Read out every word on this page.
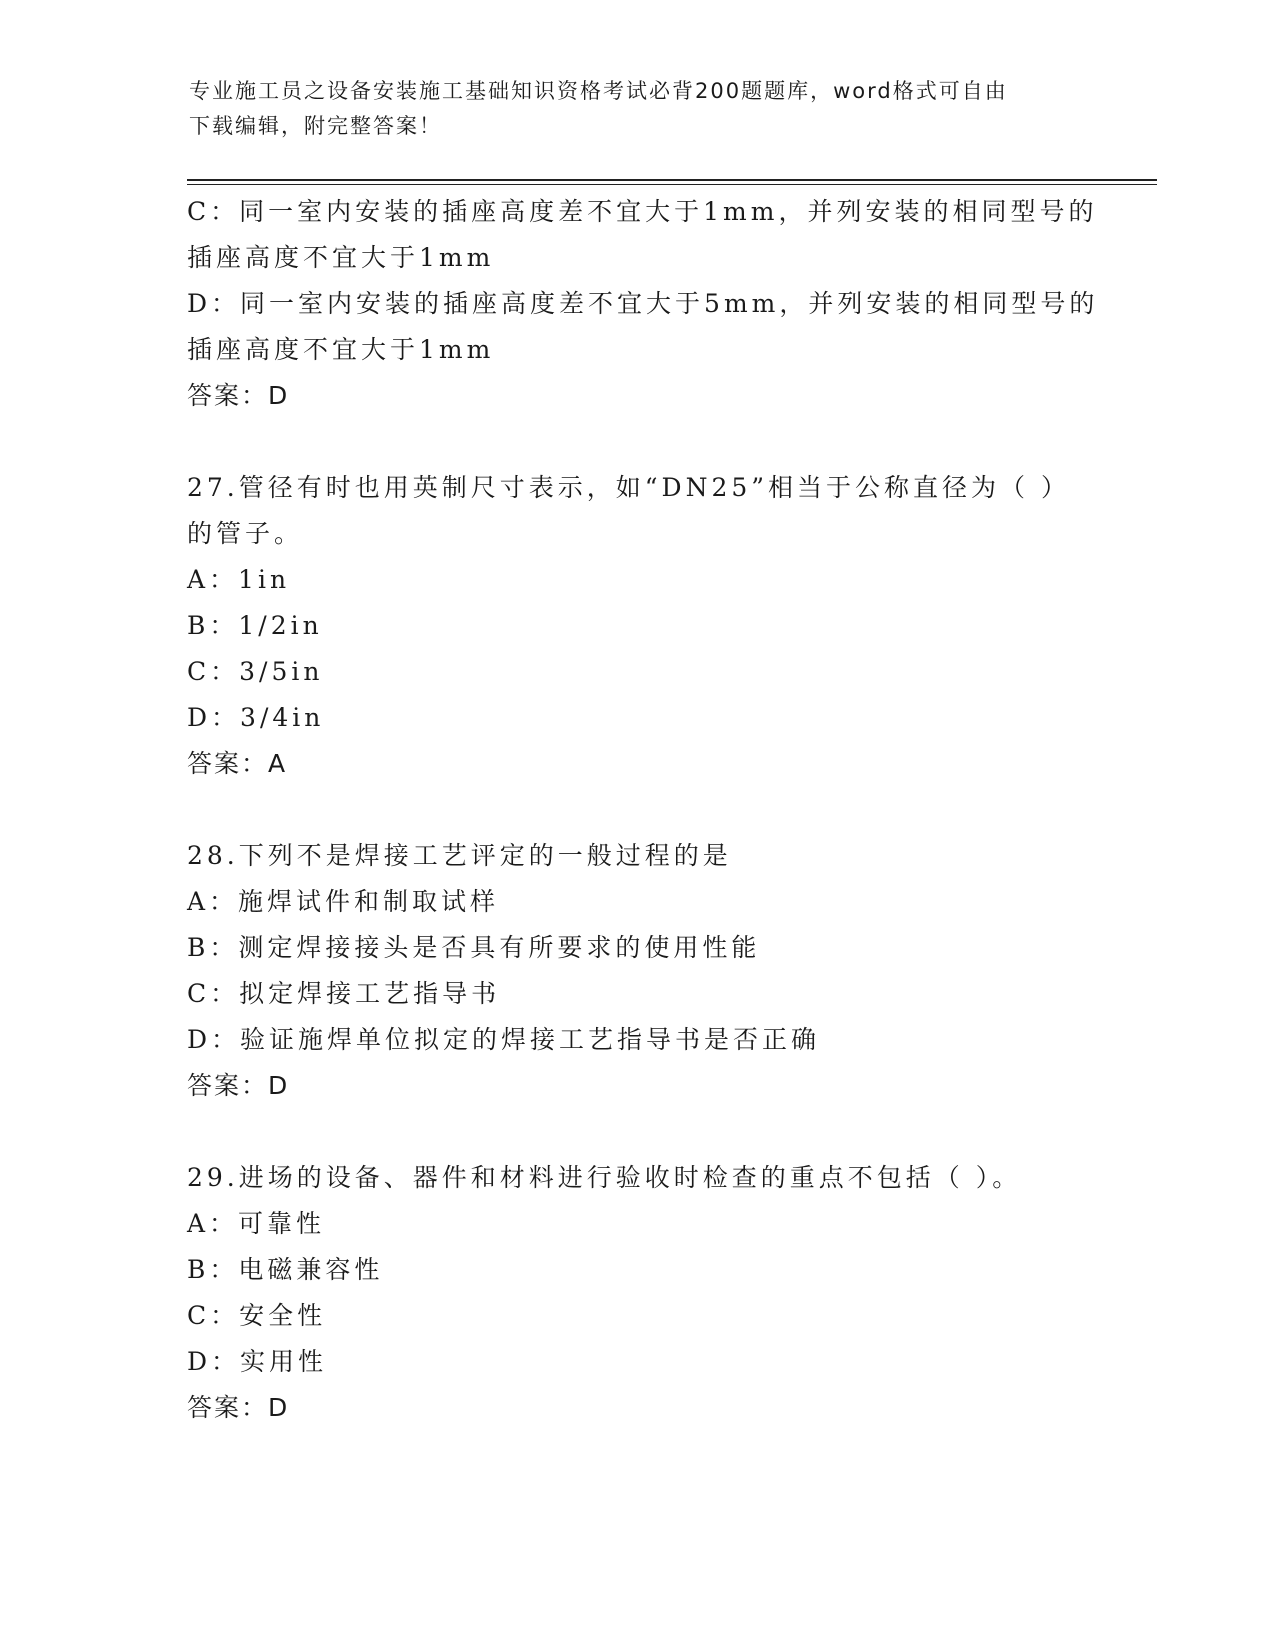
专业施工员之设备安装施工基础知识资格考试必背200题题库，word格式可自由
下载编辑，附完整答案！
C：同一室内安装的插座高度差不宜大于1mm，并列安装的相同型号的
插座高度不宜大于1mm
D：同一室内安装的插座高度差不宜大于5mm，并列安装的相同型号的
插座高度不宜大于1mm
答案：D
27.管径有时也用英制尺寸表示，如“DN25”相当于公称直径为（ ）
的管子。
A：1in
B：1/2in
C：3/5in
D：3/4in
答案：A
28.下列不是焊接工艺评定的一般过程的是
A：施焊试件和制取试样
B：测定焊接接头是否具有所要求的使用性能
C：拟定焊接工艺指导书
D：验证施焊单位拟定的焊接工艺指导书是否正确
答案：D
29.进场的设备、器件和材料进行验收时检查的重点不包括（ ）。
A：可靠性
B：电磁兼容性
C：安全性
D：实用性
答案：D
